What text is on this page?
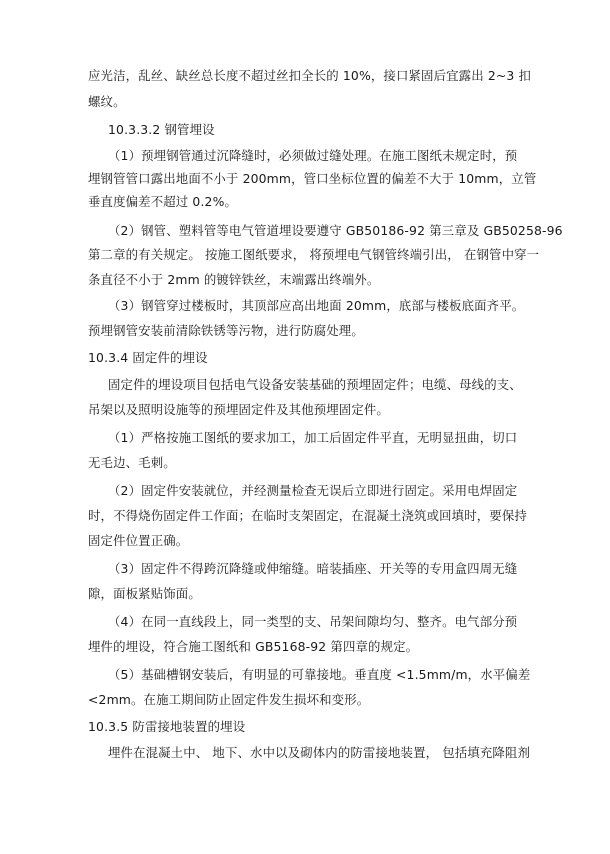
应光洁，乱丝、缺丝总长度不超过丝扣全长的 10%，接口紧固后宜露出 2~3 扣

螺纹。

10.3.3.2 钢管埋设

（1）预埋钢管通过沉降缝时，必须做过缝处理。在施工图纸未规定时，预

埋钢管管口露出地面不小于 200mm，管口坐标位置的偏差不大于 10mm，立管

垂直度偏差不超过 0.2%。

（2）钢管、塑料管等电气管道埋设要遵守 GB50186-92 第三章及 GB50258-96

第二章的有关规定。 按施工图纸要求， 将预埋电气钢管终端引出， 在钢管中穿一

条直径不小于 2mm 的镀锌铁丝，末端露出终端外。

（3）钢管穿过楼板时，其顶部应高出地面 20mm，底部与楼板底面齐平。

预埋钢管安装前清除铁锈等污物，进行防腐处理。

10.3.4 固定件的埋设

固定件的埋设项目包括电气设备安装基础的预埋固定件；电缆、母线的支、

吊架以及照明设施等的预埋固定件及其他预埋固定件。

（1）严格按施工图纸的要求加工，加工后固定件平直，无明显扭曲，切口

无毛边、毛刺。

（2）固定件安装就位，并经测量检查无误后立即进行固定。采用电焊固定

时，不得烧伤固定件工作面；在临时支架固定，在混凝土浇筑或回填时，要保持

固定件位置正确。

（3）固定件不得跨沉降缝或伸缩缝。暗装插座、开关等的专用盒四周无缝

隙，面板紧贴饰面。

（4）在同一直线段上，同一类型的支、吊架间隙均匀、整齐。电气部分预

埋件的埋设，符合施工图纸和 GB5168-92 第四章的规定。

（5）基础槽钢安装后，有明显的可靠接地。垂直度 <1.5mm/m，水平偏差

<2mm。在施工期间防止固定件发生损坏和变形。

10.3.5 防雷接地装置的埋设

埋件在混凝土中、 地下、水中以及砌体内的防雷接地装置， 包括填充降阻剂
